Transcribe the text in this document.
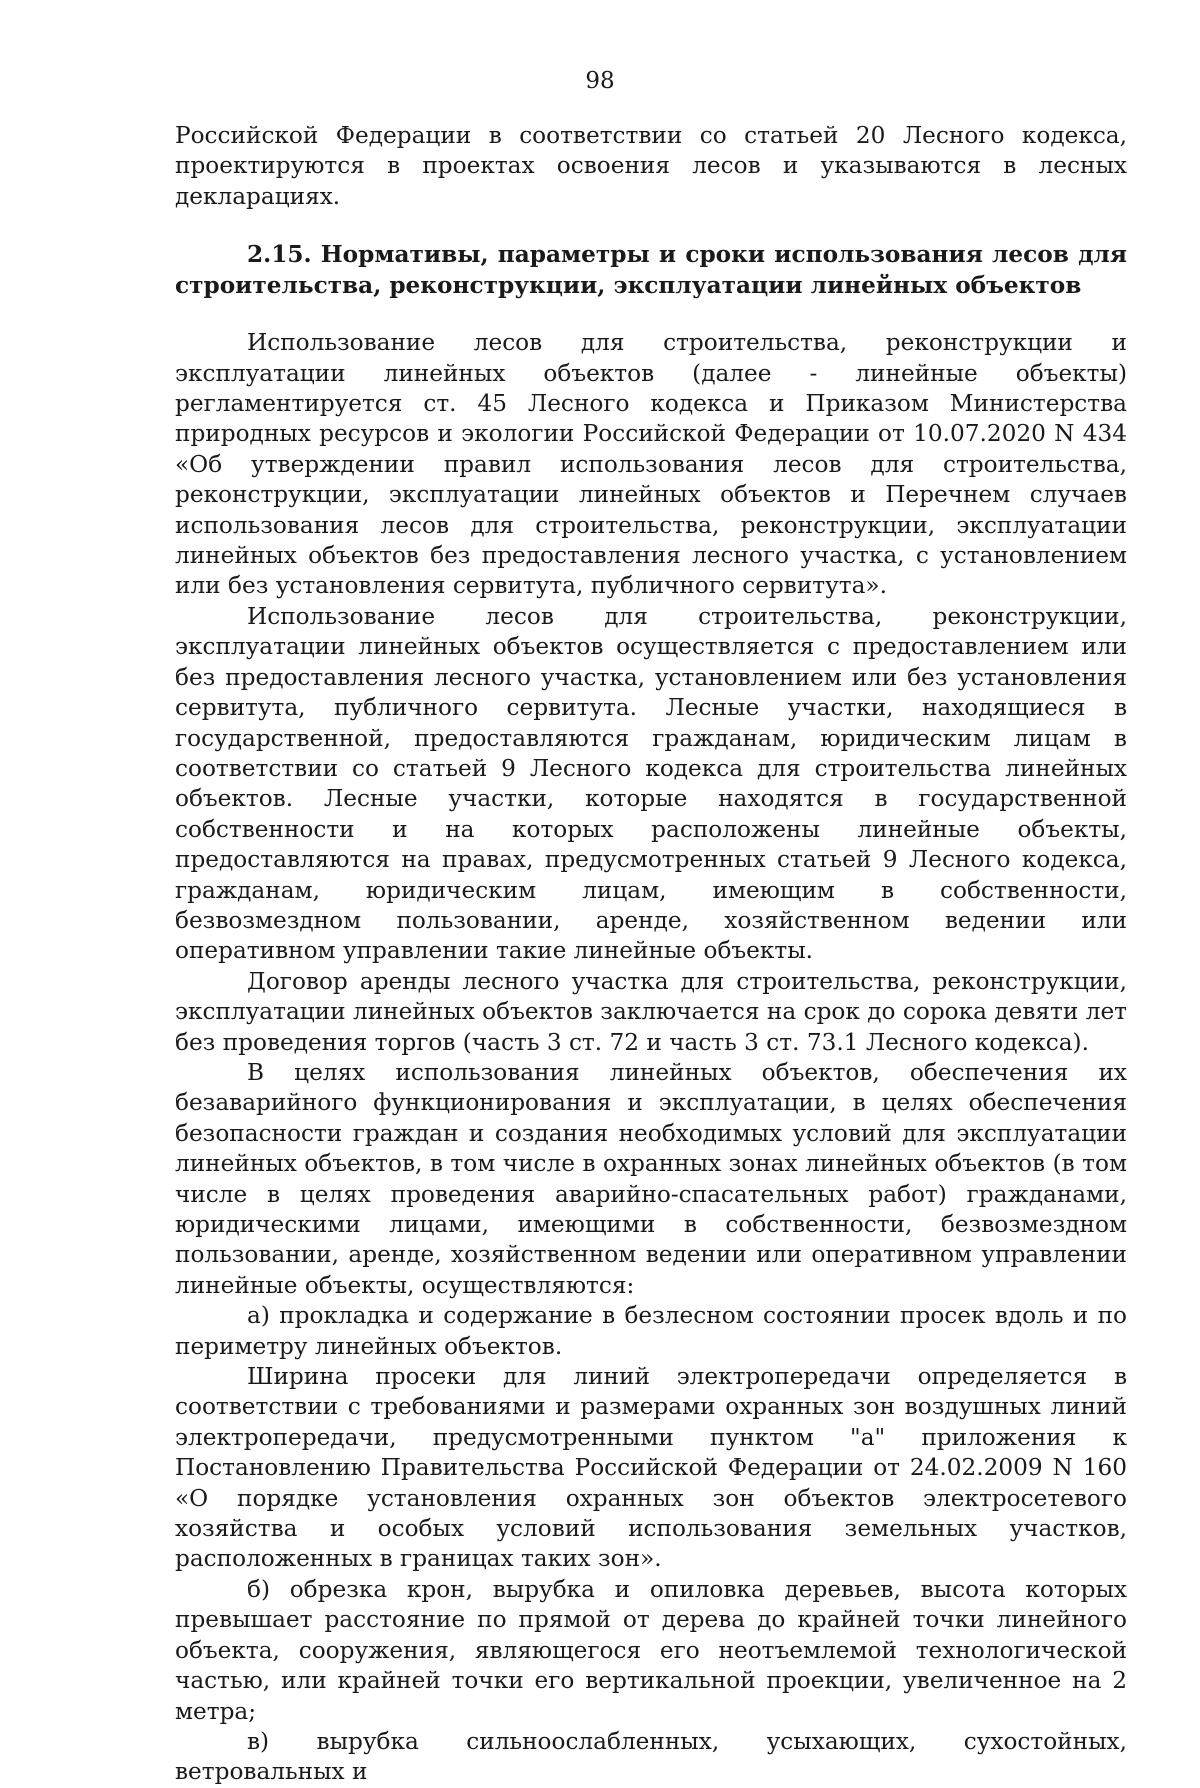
98

Российской Федерации в соответствии со статьей 20 Лесного кодекса, проектируются в проектах освоения лесов и указываются в лесных декларациях.

2.15. Нормативы, параметры и сроки использования лесов для строительства, реконструкции, эксплуатации линейных объектов

Использование лесов для строительства, реконструкции и эксплуатации линейных объектов (далее - линейные объекты) регламентируется ст. 45 Лесного кодекса и Приказом Министерства природных ресурсов и экологии Российской Федерации от 10.07.2020 N 434 «Об утверждении правил использования лесов для строительства, реконструкции, эксплуатации линейных объектов и Перечнем случаев использования лесов для строительства, реконструкции, эксплуатации линейных объектов без предоставления лесного участка, с установлением или без установления сервитута, публичного сервитута».

Использование лесов для строительства, реконструкции, эксплуатации линейных объектов осуществляется с предоставлением или без предоставления лесного участка, установлением или без установления сервитута, публичного сервитута. Лесные участки, находящиеся в государственной, предоставляются гражданам, юридическим лицам в соответствии со статьей 9 Лесного кодекса для строительства линейных объектов. Лесные участки, которые находятся в государственной собственности и на которых расположены линейные объекты, предоставляются на правах, предусмотренных статьей 9 Лесного кодекса, гражданам, юридическим лицам, имеющим в собственности, безвозмездном пользовании, аренде, хозяйственном ведении или оперативном управлении такие линейные объекты.

Договор аренды лесного участка для строительства, реконструкции, эксплуатации линейных объектов заключается на срок до сорока девяти лет без проведения торгов (часть 3 ст. 72 и часть 3 ст. 73.1 Лесного кодекса).

В целях использования линейных объектов, обеспечения их безаварийного функционирования и эксплуатации, в целях обеспечения безопасности граждан и создания необходимых условий для эксплуатации линейных объектов, в том числе в охранных зонах линейных объектов (в том числе в целях проведения аварийно-спасательных работ) гражданами, юридическими лицами, имеющими в собственности, безвозмездном пользовании, аренде, хозяйственном ведении или оперативном управлении линейные объекты, осуществляются:

а) прокладка и содержание в безлесном состоянии просек вдоль и по периметру линейных объектов.

Ширина просеки для линий электропередачи определяется в соответствии с требованиями и размерами охранных зон воздушных линий электропередачи, предусмотренными пунктом "а" приложения к Постановлению Правительства Российской Федерации от 24.02.2009 N 160 «О порядке установления охранных зон объектов электросетевого хозяйства и особых условий использования земельных участков, расположенных в границах таких зон».

б) обрезка крон, вырубка и опиловка деревьев, высота которых превышает расстояние по прямой от дерева до крайней точки линейного объекта, сооружения, являющегося его неотъемлемой технологической частью, или крайней точки его вертикальной проекции, увеличенное на 2 метра;

в) вырубка сильноослабленных, усыхающих, сухостойных, ветровальных и
